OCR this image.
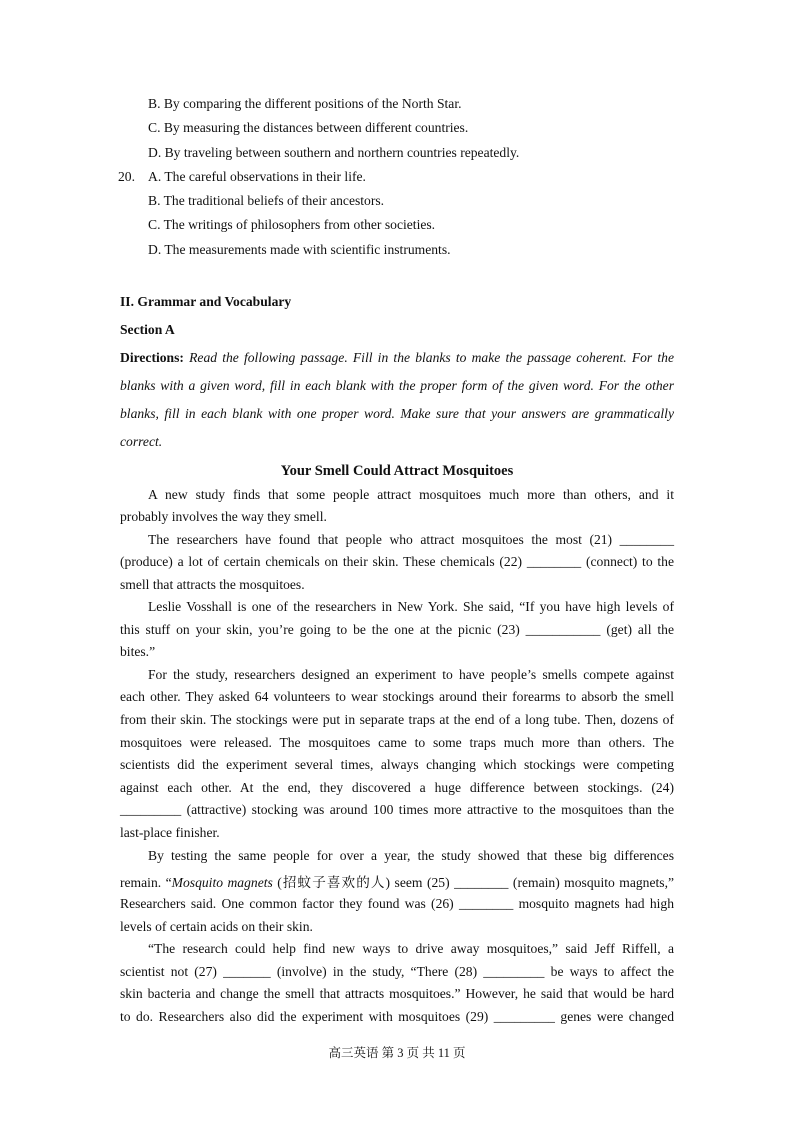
B. By comparing the different positions of the North Star.
C. By measuring the distances between different countries.
D. By traveling between southern and northern countries repeatedly.
20. A. The careful observations in their life.
B. The traditional beliefs of their ancestors.
C. The writings of philosophers from other societies.
D. The measurements made with scientific instruments.
II. Grammar and Vocabulary
Section A
Directions: Read the following passage. Fill in the blanks to make the passage coherent. For the
blanks with a given word, fill in each blank with the proper form of the given word. For the other
blanks, fill in each blank with one proper word. Make sure that your answers are grammatically
correct.
Your Smell Could Attract Mosquitoes
A new study finds that some people attract mosquitoes much more than others, and it
probably involves the way they smell.
The researchers have found that people who attract mosquitoes the most (21) ________
(produce) a lot of certain chemicals on their skin. These chemicals (22) ________ (connect) to the
smell that attracts the mosquitoes.
Leslie Vosshall is one of the researchers in New York. She said, “If you have high levels of
this stuff on your skin, you’re going to be the one at the picnic (23) ___________ (get) all the
bites.”
For the study, researchers designed an experiment to have people’s smells compete against
each other. They asked 64 volunteers to wear stockings around their forearms to absorb the smell
from their skin. The stockings were put in separate traps at the end of a long tube. Then, dozens of
mosquitoes were released. The mosquitoes came to some traps much more than others. The
scientists did the experiment several times, always changing which stockings were competing
against each other. At the end, they discovered a huge difference between stockings. (24)
_________ (attractive) stocking was around 100 times more attractive to the mosquitoes than the
last-place finisher.
By testing the same people for over a year, the study showed that these big differences
remain. “Mosquito magnets (招蚊子喜欢的人) seem (25) ________ (remain) mosquito magnets,”
Researchers said. One common factor they found was (26) ________ mosquito magnets had high
levels of certain acids on their skin.
“The research could help find new ways to drive away mosquitoes,” said Jeff Riffell, a
scientist not (27) _______ (involve) in the study, “There (28) _________ be ways to affect the
skin bacteria and change the smell that attracts mosquitoes.” However, he said that would be hard
to do. Researchers also did the experiment with mosquitoes (29) _________ genes were changed
高三英语 第 3 页 共 11 页
